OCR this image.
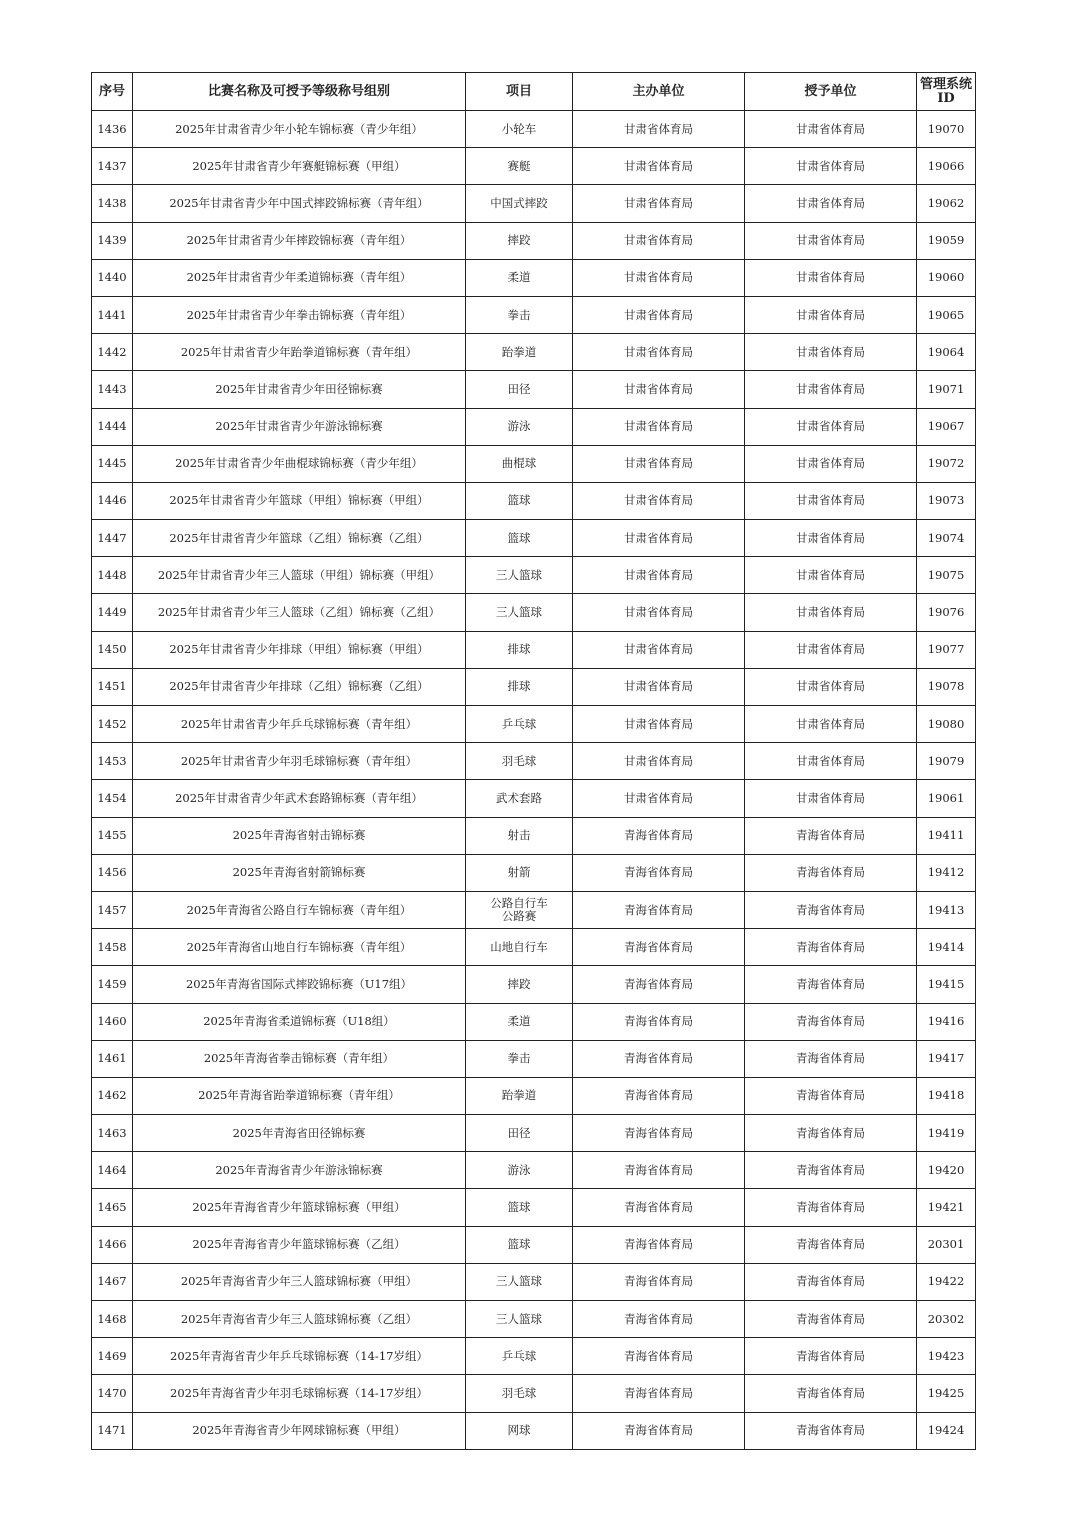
序号	比赛名称及可授予等级称号组别	项目	主办单位	授予单位	管理系统
ID
1436	2025年甘肃省青少年小轮车锦标赛（青少年组）	小轮车	甘肃省体育局	甘肃省体育局	19070
1437	2025年甘肃省青少年赛艇锦标赛（甲组）	赛艇	甘肃省体育局	甘肃省体育局	19066
1438	2025年甘肃省青少年中国式摔跤锦标赛（青年组）	中国式摔跤	甘肃省体育局	甘肃省体育局	19062
1439	2025年甘肃省青少年摔跤锦标赛（青年组）	摔跤	甘肃省体育局	甘肃省体育局	19059
1440	2025年甘肃省青少年柔道锦标赛（青年组）	柔道	甘肃省体育局	甘肃省体育局	19060
1441	2025年甘肃省青少年拳击锦标赛（青年组）	拳击	甘肃省体育局	甘肃省体育局	19065
1442	2025年甘肃省青少年跆拳道锦标赛（青年组）	跆拳道	甘肃省体育局	甘肃省体育局	19064
1443	2025年甘肃省青少年田径锦标赛	田径	甘肃省体育局	甘肃省体育局	19071
1444	2025年甘肃省青少年游泳锦标赛	游泳	甘肃省体育局	甘肃省体育局	19067
1445	2025年甘肃省青少年曲棍球锦标赛（青少年组）	曲棍球	甘肃省体育局	甘肃省体育局	19072
1446	2025年甘肃省青少年篮球（甲组）锦标赛（甲组）	篮球	甘肃省体育局	甘肃省体育局	19073
1447	2025年甘肃省青少年篮球（乙组）锦标赛（乙组）	篮球	甘肃省体育局	甘肃省体育局	19074
1448	2025年甘肃省青少年三人篮球（甲组）锦标赛（甲组）	三人篮球	甘肃省体育局	甘肃省体育局	19075
1449	2025年甘肃省青少年三人篮球（乙组）锦标赛（乙组）	三人篮球	甘肃省体育局	甘肃省体育局	19076
1450	2025年甘肃省青少年排球（甲组）锦标赛（甲组）	排球	甘肃省体育局	甘肃省体育局	19077
1451	2025年甘肃省青少年排球（乙组）锦标赛（乙组）	排球	甘肃省体育局	甘肃省体育局	19078
1452	2025年甘肃省青少年乒乓球锦标赛（青年组）	乒乓球	甘肃省体育局	甘肃省体育局	19080
1453	2025年甘肃省青少年羽毛球锦标赛（青年组）	羽毛球	甘肃省体育局	甘肃省体育局	19079
1454	2025年甘肃省青少年武术套路锦标赛（青年组）	武术套路	甘肃省体育局	甘肃省体育局	19061
1455	2025年青海省射击锦标赛	射击	青海省体育局	青海省体育局	19411
1456	2025年青海省射箭锦标赛	射箭	青海省体育局	青海省体育局	19412
1457	2025年青海省公路自行车锦标赛（青年组）	公路自行车
公路赛	青海省体育局	青海省体育局	19413
1458	2025年青海省山地自行车锦标赛（青年组）	山地自行车	青海省体育局	青海省体育局	19414
1459	2025年青海省国际式摔跤锦标赛（U17组）	摔跤	青海省体育局	青海省体育局	19415
1460	2025年青海省柔道锦标赛（U18组）	柔道	青海省体育局	青海省体育局	19416
1461	2025年青海省拳击锦标赛（青年组）	拳击	青海省体育局	青海省体育局	19417
1462	2025年青海省跆拳道锦标赛（青年组）	跆拳道	青海省体育局	青海省体育局	19418
1463	2025年青海省田径锦标赛	田径	青海省体育局	青海省体育局	19419
1464	2025年青海省青少年游泳锦标赛	游泳	青海省体育局	青海省体育局	19420
1465	2025年青海省青少年篮球锦标赛（甲组）	篮球	青海省体育局	青海省体育局	19421
1466	2025年青海省青少年篮球锦标赛（乙组）	篮球	青海省体育局	青海省体育局	20301
1467	2025年青海省青少年三人篮球锦标赛（甲组）	三人篮球	青海省体育局	青海省体育局	19422
1468	2025年青海省青少年三人篮球锦标赛（乙组）	三人篮球	青海省体育局	青海省体育局	20302
1469	2025年青海省青少年乒乓球锦标赛（14-17岁组）	乒乓球	青海省体育局	青海省体育局	19423
1470	2025年青海省青少年羽毛球锦标赛（14-17岁组）	羽毛球	青海省体育局	青海省体育局	19425
1471	2025年青海省青少年网球锦标赛（甲组）	网球	青海省体育局	青海省体育局	19424
